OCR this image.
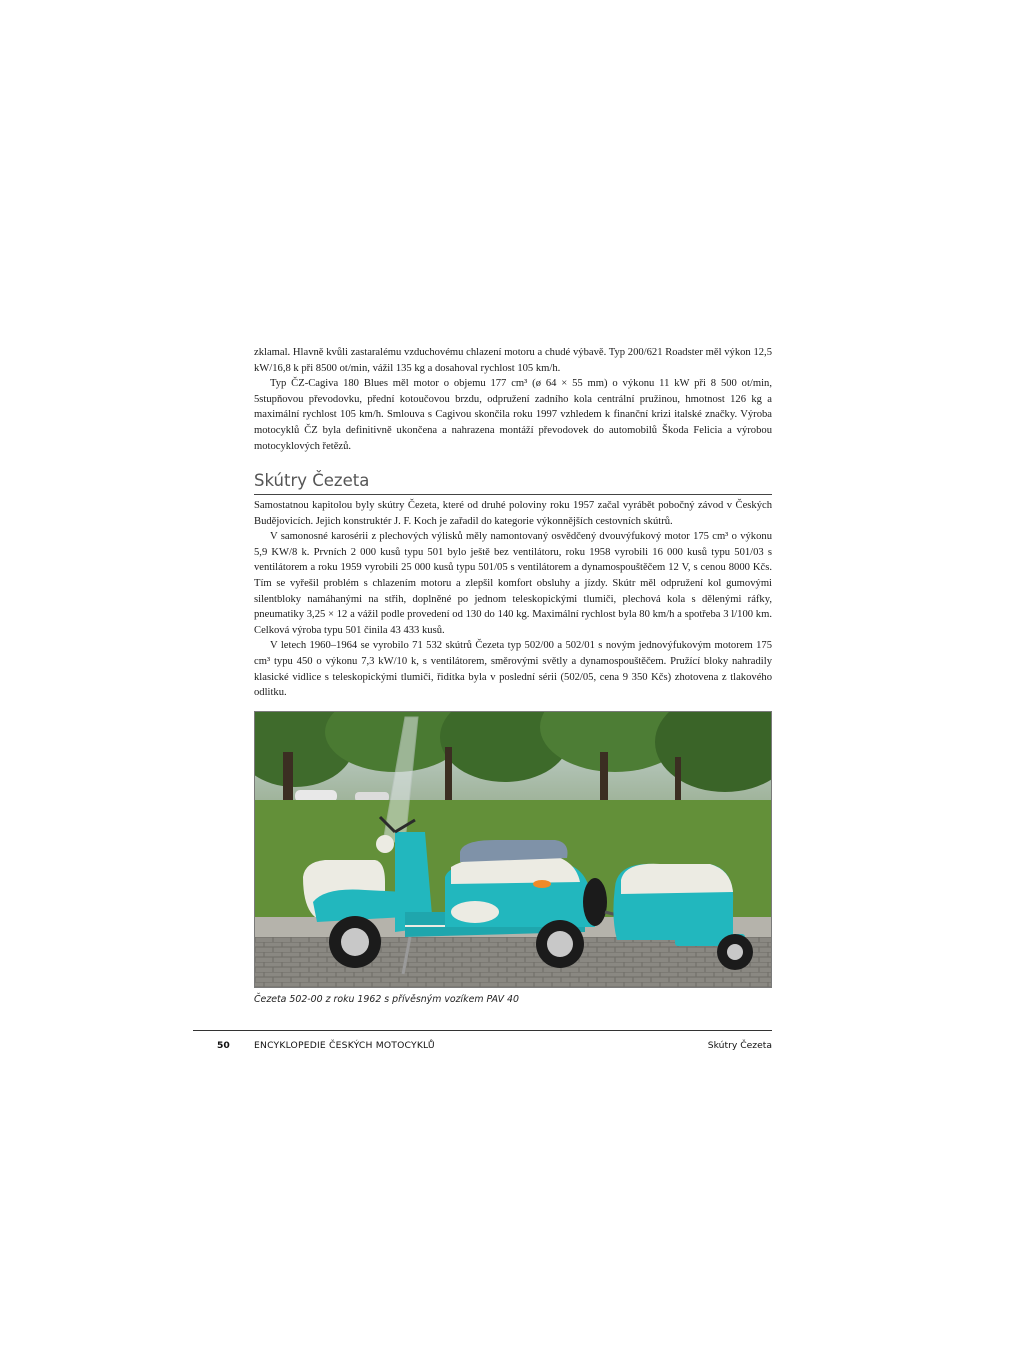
zklamal. Hlavně kvůli zastaralému vzduchovému chlazení motoru a chudé výbavě. Typ 200/621 Roadster měl výkon 12,5 kW/16,8 k při 8500 ot/min, vážil 135 kg a dosahoval rychlost 105 km/h.

Typ ČZ-Cagiva 180 Blues měl motor o objemu 177 cm³ (ø 64 × 55 mm) o výkonu 11 kW při 8 500 ot/min, 5stupňovou převodovku, přední kotoučovou brzdu, odpružení zadního kola centrální pružinou, hmotnost 126 kg a maximální rychlost 105 km/h. Smlouva s Cagivou skončila roku 1997 vzhledem k finanční krizi italské značky. Výroba motocyklů ČZ byla definitivně ukončena a nahrazena montáží převodovek do automobilů Škoda Felicia a výrobou motocyklových řetězů.

Skútry Čezeta

Samostatnou kapitolou byly skútry Čezeta, které od druhé poloviny roku 1957 začal vyrábět pobočný závod v Českých Budějovicích. Jejich konstruktér J. F. Koch je zařadil do kategorie výkonnějších cestovních skútrů.

V samonosné karosérii z plechových výlisků měly namontovaný osvědčený dvouvýfukový motor 175 cm³ o výkonu 5,9 KW/8 k. Prvních 2 000 kusů typu 501 bylo ještě bez ventilátoru, roku 1958 vyrobili 16 000 kusů typu 501/03 s ventilátorem a roku 1959 vyrobili 25 000 kusů typu 501/05 s ventilátorem a dynamospouštěčem 12 V, s cenou 8000 Kčs. Tím se vyřešil problém s chlazením motoru a zlepšil komfort obsluhy a jízdy. Skútr měl odpružení kol gumovými silentbloky namáhanými na střih, doplněné po jednom teleskopickými tlumiči, plechová kola s dělenými ráfky, pneumatiky 3,25 × 12 a vážil podle provedení od 130 do 140 kg. Maximální rychlost byla 80 km/h a spotřeba 3 l/100 km. Celková výroba typu 501 činila 43 433 kusů.

V letech 1960–1964 se vyrobilo 71 532 skútrů Čezeta typ 502/00 a 502/01 s novým jednovýfukovým motorem 175 cm³ typu 450 o výkonu 7,3 kW/10 k, s ventilátorem, směrovými světly a dynamospouštěčem. Pružící bloky nahradily klasické vidlice s teleskopickými tlumiči, řidítka byla v poslední sérii (502/05, cena 9 350 Kčs) zhotovena z tlakového odlitku.

Čezeta 502-00 z roku 1962 s přívěsným vozíkem PAV 40

50	ENCYKLOPEDIE ČESKÝCH MOTOCYKLŮ	Skútry Čezeta
